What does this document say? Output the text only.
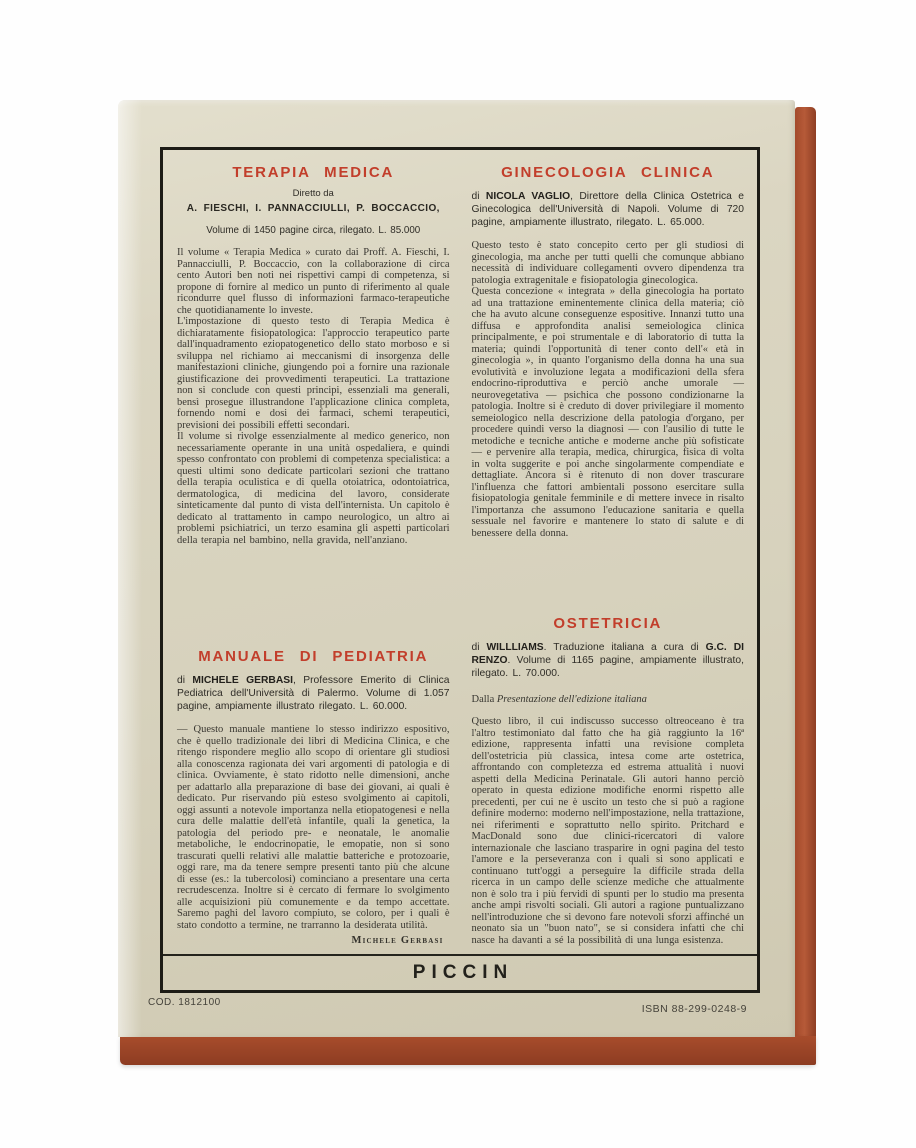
TERAPIA MEDICA

Diretto da

A. FIESCHI, I. PANNACCIULLI, P. BOCCACCIO,

Volume di 1450 pagine circa, rilegato. L. 85.000

Il volume « Terapia Medica » curato dai Proff. A. Fieschi, I. Pannacciulli, P. Boccaccio, con la collaborazione di circa cento Autori ben noti nei rispettivi campi di competenza, si propone di fornire al medico un punto di riferimento al quale ricondurre quel flusso di informazioni farmaco-terapeutiche che quotidianamente lo investe.

L'impostazione di questo testo di Terapia Medica è dichiaratamente fisiopatologica: l'approccio terapeutico parte dall'inquadramento eziopatogenetico dello stato morboso e si sviluppa nel richiamo ai meccanismi di insorgenza delle manifestazioni cliniche, giungendo poi a fornire una razionale giustificazione dei provvedimenti terapeutici. La trattazione non si conclude con questi principi, essenziali ma generali, bensì prosegue illustrandone l'applicazione clinica completa, fornendo nomi e dosi dei farmaci, schemi terapeutici, previsioni dei possibili effetti secondari.

Il volume si rivolge essenzialmente al medico generico, non necessariamente operante in una unità ospedaliera, e quindi spesso confrontato con problemi di competenza specialistica: a questi ultimi sono dedicate particolari sezioni che trattano della terapia oculistica e di quella otoiatrica, odontoiatrica, dermatologica, di medicina del lavoro, considerate sinteticamente dal punto di vista dell'internista. Un capitolo è dedicato al trattamento in campo neurologico, un altro ai problemi psichiatrici, un terzo esamina gli aspetti particolari della terapia nel bambino, nella gravida, nell'anziano.

MANUALE DI PEDIATRIA

di MICHELE GERBASI, Professore Emerito di Clinica Pediatrica dell'Università di Palermo. Volume di 1.057 pagine, ampiamente illustrato rilegato. L. 60.000.

— Questo manuale mantiene lo stesso indirizzo espositivo, che è quello tradizionale dei libri di Medicina Clinica, e che ritengo rispondere meglio allo scopo di orientare gli studiosi alla conoscenza ragionata dei vari argomenti di patologia e di clinica. Ovviamente, è stato ridotto nelle dimensioni, anche per adattarlo alla preparazione di base dei giovani, ai quali è dedicato. Pur riservando più esteso svolgimento ai capitoli, oggi assunti a notevole importanza nella etiopatogenesi e nella cura delle malattie dell'età infantile, quali la genetica, la patologia del periodo pre- e neonatale, le anomalie metaboliche, le endocrinopatie, le emopatie, non si sono trascurati quelli relativi alle malattie batteriche e protozoarie, oggi rare, ma da tenere sempre presenti tanto più che alcune di esse (es.: la tubercolosi) cominciano a presentare una certa recrudescenza. Inoltre si è cercato di fermare lo svolgimento alle acquisizioni più comunemente e da tempo accettate. Saremo paghi del lavoro compiuto, se coloro, per i quali è stato condotto a termine, ne trarranno la desiderata utilità.

Michele Gerbasi

GINECOLOGIA CLINICA

di NICOLA VAGLIO, Direttore della Clinica Ostetrica e Ginecologica dell'Università di Napoli. Volume di 720 pagine, ampiamente illustrato, rilegato. L. 65.000.

Questo testo è stato concepito certo per gli studiosi di ginecologia, ma anche per tutti quelli che comunque abbiano necessità di individuare collegamenti ovvero dipendenza tra patologia extragenitale e fisiopatologia ginecologica.

Questa concezione « integrata » della ginecologia ha portato ad una trattazione eminentemente clinica della materia; ciò che ha avuto alcune conseguenze espositive. Innanzi tutto una diffusa e approfondita analisi semeiologica clinica principalmente, e poi strumentale e di laboratorio di tutta la materia; quindi l'opportunità di tener conto dell'« età in ginecologia », in quanto l'organismo della donna ha una sua evolutività e involuzione legata a modificazioni della sfera endocrino-riproduttiva e perciò anche umorale — neurovegetativa — psichica che possono condizionarne la patologia. Inoltre si è creduto di dover privilegiare il momento semeiologico nella descrizione della patologia d'organo, per procedere quindi verso la diagnosi — con l'ausilio di tutte le metodiche e tecniche antiche e moderne anche più sofisticate — e pervenire alla terapia, medica, chirurgica, fisica di volta in volta suggerite e poi anche singolarmente compendiate e dettagliate. Ancora si è ritenuto di non dover trascurare l'influenza che fattori ambientali possono esercitare sulla fisiopatologia genitale femminile e di mettere invece in risalto l'importanza che assumono l'educazione sanitaria e quella sessuale nel favorire e mantenere lo stato di salute e di benessere della donna.

OSTETRICIA

di WILLLIAMS. Traduzione italiana a cura di G.C. DI RENZO. Volume di 1165 pagine, ampiamente illustrato, rilegato. L. 70.000.

Dalla Presentazione dell'edizione italiana

Questo libro, il cui indiscusso successo oltreoceano è tra l'altro testimoniato dal fatto che ha già raggiunto la 16ª edizione, rappresenta infatti una revisione completa dell'ostetricia più classica, intesa come arte ostetrica, affrontando con completezza ed estrema attualità i nuovi aspetti della Medicina Perinatale. Gli autori hanno perciò operato in questa edizione modifiche enormi rispetto alle precedenti, per cui ne è uscito un testo che si può a ragione definire moderno: moderno nell'impostazione, nella trattazione, nei riferimenti e soprattutto nello spirito. Pritchard e MacDonald sono due clinici-ricercatori di valore internazionale che lasciano trasparire in ogni pagina del testo l'amore e la perseveranza con i quali si sono applicati e continuano tutt'oggi a perseguire la difficile strada della ricerca in un campo delle scienze mediche che attualmente non è solo tra i più fervidi di spunti per lo studio ma presenta anche ampi risvolti sociali. Gli autori a ragione puntualizzano nell'introduzione che si devono fare notevoli sforzi affinché un neonato sia un "buon nato", se si considera infatti che chi nasce ha davanti a sé la possibilità di una lunga esistenza.

PICCIN
COD. 1812100
ISBN 88-299-0248-9
